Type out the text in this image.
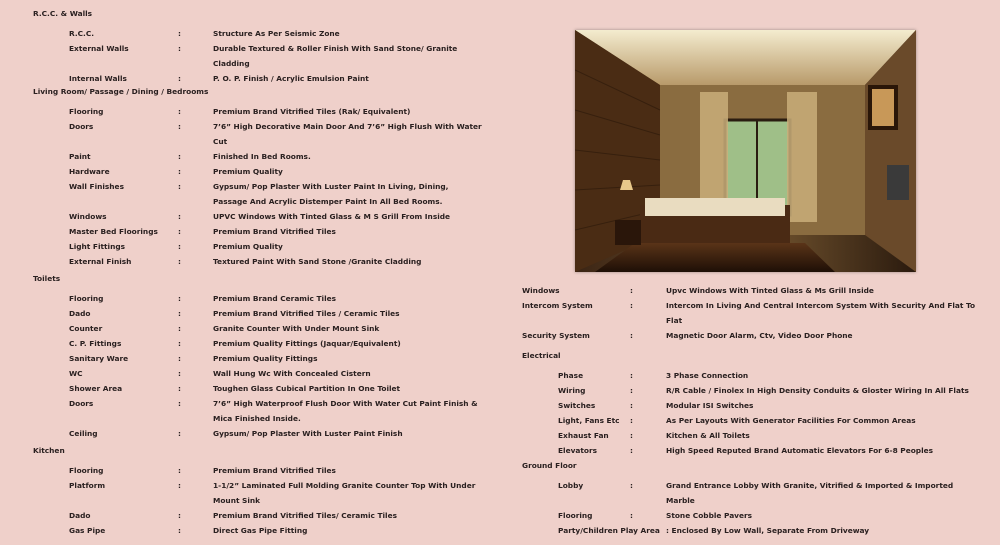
R.C.C. & Walls
R.C.C.	:	Structure As Per Seismic Zone
External Walls	:	Durable Textured & Roller Finish With Sand Stone/ Granite
Cladding
Internal Walls	:	P. O. P. Finish / Acrylic Emulsion Paint
Living Room/ Passage / Dining / Bedrooms
Flooring	:	Premium Brand Vitrified Tiles (Rak/ Equivalent)
Doors	:	7’6” High Decorative Main Door And 7’6” High Flush With Water
Cut
Paint	:	Finished In Bed Rooms.
Hardware	:	Premium Quality
Wall Finishes	:	Gypsum/ Pop Plaster With Luster Paint In Living, Dining,
Passage And Acrylic Distemper Paint In All Bed Rooms.
Windows	:	UPVC Windows With Tinted Glass & M S Grill From Inside
Master Bed Floorings	:	Premium Brand Vitrified Tiles
Light Fittings	:	Premium Quality
External Finish	:	Textured Paint With Sand Stone /Granite Cladding
Toilets
Flooring	:	Premium Brand Ceramic Tiles
Dado	:	Premium Brand Vitrified Tiles / Ceramic Tiles
Counter	:	Granite Counter With Under Mount Sink
C. P. Fittings	:	Premium Quality Fittings (Jaquar/Equivalent)
Sanitary Ware	:	Premium Quality Fittings
WC	:	Wall Hung Wc With Concealed Cistern
Shower Area	:	Toughen Glass Cubical Partition In One Toilet
Doors	:	7’6” High Waterproof Flush Door With Water Cut Paint Finish &
Mica Finished Inside.
Ceiling	:	Gypsum/ Pop Plaster With Luster Paint Finish
Kitchen
Flooring	:	Premium Brand Vitrified Tiles
Platform	:	1-1/2” Laminated Full Molding Granite Counter Top With Under
Mount Sink
Dado	:	Premium Brand Vitrified Tiles/ Ceramic Tiles
Gas Pipe	:	Direct Gas Pipe Fitting
Windows	:	Upvc Windows With Tinted Glass & Ms Grill Inside
Intercom System	:	Intercom In Living And Central Intercom System With Security And Flat To
Flat
Security System	:	Magnetic Door Alarm, Ctv, Video Door Phone
Electrical
Phase	:	3 Phase Connection
Wiring	:	R/R Cable / Finolex In High Density Conduits & Gloster Wiring In All Flats
Switches	:	Modular ISI Switches
Light, Fans Etc :	As Per Layouts With Generator Facilities For Common Areas
Exhaust Fan	:	Kitchen & All Toilets
Elevators	:	High Speed Reputed Brand Automatic Elevators For 6-8 Peoples
Ground Floor
Lobby	:	Grand Entrance Lobby With Granite, Vitrified & Imported & Imported
Marble
Flooring	:	Stone Cobble Pavers
Party/Children Play Area : Enclosed By Low Wall, Separate From Driveway
